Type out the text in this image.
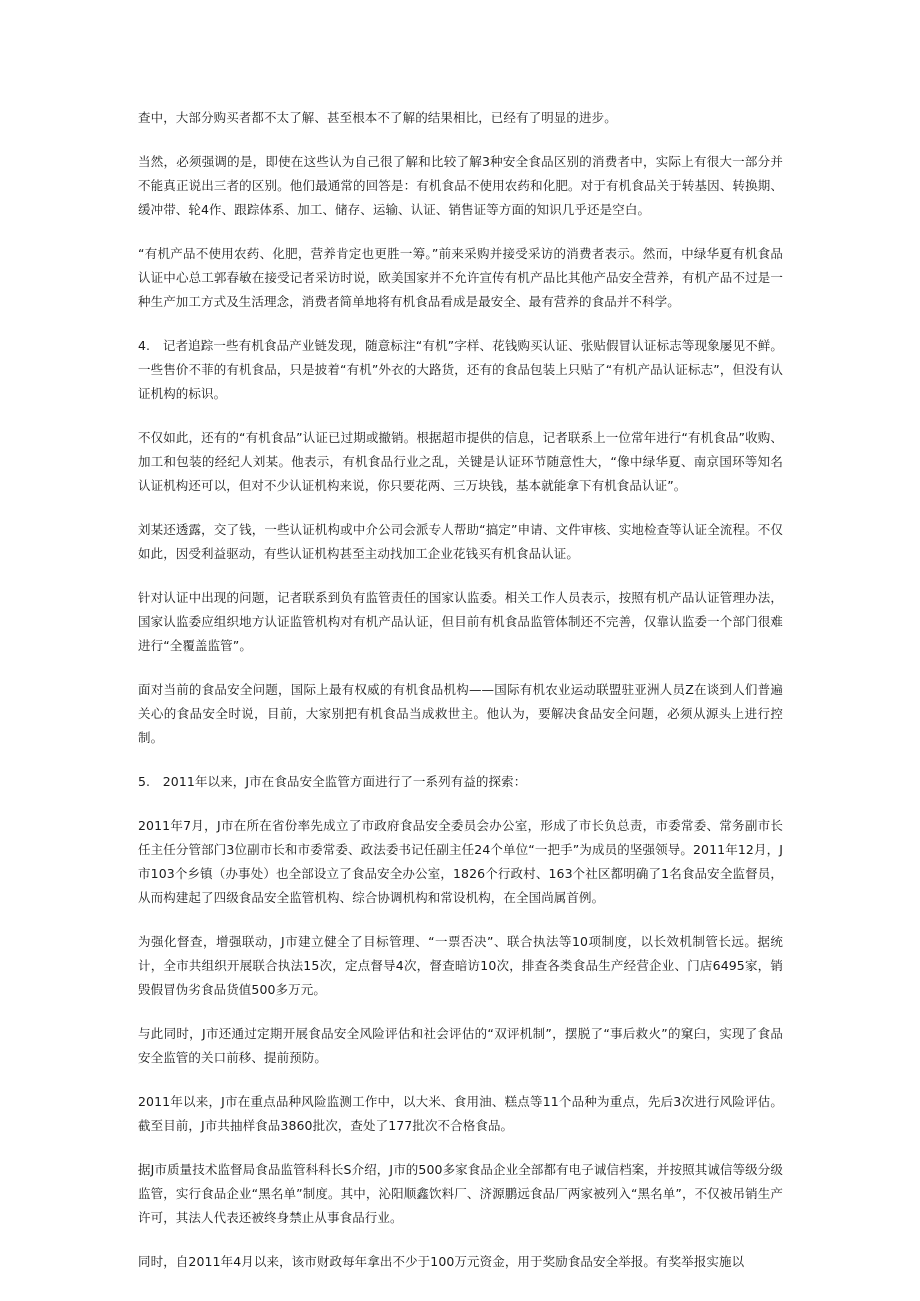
查中，大部分购买者都不太了解、甚至根本不了解的结果相比，已经有了明显的进步。

当然，必须强调的是，即使在这些认为自己很了解和比较了解3种安全食品区别的消费者中，实际上有很大一部分并不能真正说出三者的区别。他们最通常的回答是：有机食品不使用农药和化肥。对于有机食品关于转基因、转换期、缓冲带、轮4作、跟踪体系、加工、储存、运输、认证、销售证等方面的知识几乎还是空白。

“有机产品不使用农药、化肥，营养肯定也更胜一筹。”前来采购并接受采访的消费者表示。然而，中绿华夏有机食品认证中心总工郭春敏在接受记者采访时说，欧美国家并不允许宣传有机产品比其他产品安全营养，有机产品不过是一种生产加工方式及生活理念，消费者简单地将有机食品看成是最安全、最有营养的食品并不科学。

4.　记者追踪一些有机食品产业链发现，随意标注“有机”字样、花钱购买认证、张贴假冒认证标志等现象屡见不鲜。一些售价不菲的有机食品，只是披着“有机”外衣的大路货，还有的食品包装上只贴了“有机产品认证标志”，但没有认证机构的标识。

不仅如此，还有的“有机食品”认证已过期或撤销。根据超市提供的信息，记者联系上一位常年进行“有机食品”收购、加工和包装的经纪人刘某。他表示，有机食品行业之乱，关键是认证环节随意性大，“像中绿华夏、南京国环等知名认证机构还可以，但对不少认证机构来说，你只要花两、三万块钱，基本就能拿下有机食品认证”。

刘某还透露，交了钱，一些认证机构或中介公司会派专人帮助“搞定”申请、文件审核、实地检查等认证全流程。不仅如此，因受利益驱动，有些认证机构甚至主动找加工企业花钱买有机食品认证。

针对认证中出现的问题，记者联系到负有监管责任的国家认监委。相关工作人员表示，按照有机产品认证管理办法，国家认监委应组织地方认证监管机构对有机产品认证，但目前有机食品监管体制还不完善，仅靠认监委一个部门很难进行“全覆盖监管”。

面对当前的食品安全问题，国际上最有权威的有机食品机构——国际有机农业运动联盟驻亚洲人员Z在谈到人们普遍关心的食品安全时说，目前，大家别把有机食品当成救世主。他认为，要解决食品安全问题，必须从源头上进行控制。

5.　2011年以来，J市在食品安全监管方面进行了一系列有益的探索：

2011年7月，J市在所在省份率先成立了市政府食品安全委员会办公室，形成了市长负总责，市委常委、常务副市长任主任分管部门3位副市长和市委常委、政法委书记任副主任24个单位“一把手”为成员的坚强领导。2011年12月，J市103个乡镇（办事处）也全部设立了食品安全办公室，1826个行政村、163个社区都明确了1名食品安全监督员，从而构建起了四级食品安全监管机构、综合协调机构和常设机构，在全国尚属首例。

为强化督查，增强联动，J市建立健全了目标管理、“一票否决”、联合执法等10项制度，以长效机制管长远。据统计，全市共组织开展联合执法15次，定点督导4次，督查暗访10次，排查各类食品生产经营企业、门店6495家，销毁假冒伪劣食品货值500多万元。

与此同时，J市还通过定期开展食品安全风险评估和社会评估的“双评机制”，摆脱了“事后救火”的窠臼，实现了食品安全监管的关口前移、提前预防。

2011年以来，J市在重点品种风险监测工作中，以大米、食用油、糕点等11个品种为重点，先后3次进行风险评估。截至目前，J市共抽样食品3860批次，查处了177批次不合格食品。

据J市质量技术监督局食品监管科科长S介绍，J市的500多家食品企业全部都有电子诚信档案，并按照其诚信等级分级监管，实行食品企业“黑名单”制度。其中，沁阳顺鑫饮料厂、济源鹏远食品厂两家被列入“黑名单”，不仅被吊销生产许可，其法人代表还被终身禁止从事食品行业。

同时，自2011年4月以来，该市财政每年拿出不少于100万元资金，用于奖励食品安全举报。有奖举报实施以
